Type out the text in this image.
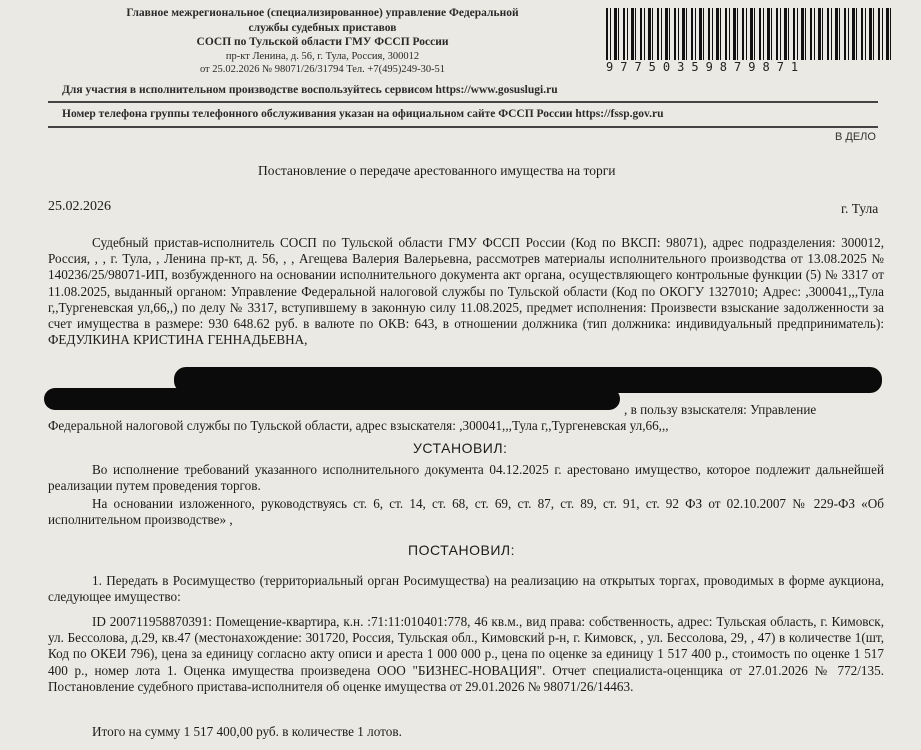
Главное межрегиональное (специализированное) управление Федеральной
службы судебных приставов
СОСП по Тульской области ГМУ ФССП России
пр-кт Ленина, д. 56, г. Тула, Россия, 300012
от 25.02.2026 № 98071/26/31794 Тел. +7(495)249-30-51	97750359879871
Для участия в исполнительном производстве воспользуйтесь сервисом https://www.gosuslugi.ru
Номер телефона группы телефонного обслуживания указан на официальном сайте ФССП России https://fssp.gov.ru
В ДЕЛО
Постановление о передаче арестованного имущества на торги
25.02.2026	г. Тула
Судебный пристав-исполнитель СОСП по Тульской области ГМУ ФССП России (Код по ВКСП: 98071), адрес подразделения: 300012, Россия, , , г. Тула, , Ленина пр-кт, д. 56, , , Агещева Валерия Валерьевна, рассмотрев материалы исполнительного производства от 13.08.2025 № 140236/25/98071-ИП, возбужденного на основании исполнительного документа акт органа, осуществляющего контрольные функции (5) № 3317 от 11.08.2025, выданный органом: Управление Федеральной налоговой службы по Тульской области (Код по ОКОГУ 1327010; Адрес: ,300041,,,Тула г,,Тургеневская ул,66,,) по делу № 3317, вступившему в законную силу 11.08.2025, предмет исполнения: Произвести взыскание задолженности за счет имущества в размере: 930 648.62 руб. в валюте по ОКВ: 643, в отношении должника (тип должника: индивидуальный предприниматель): ФЕДУЛКИНА КРИСТИНА ГЕННАДЬЕВНА,
, в пользу взыскателя: Управление
Федеральной налоговой службы по Тульской области, адрес взыскателя: ,300041,,,Тула г,,Тургеневская ул,66,,,
УСТАНОВИЛ:
Во исполнение требований указанного исполнительного документа 04.12.2025 г. арестовано имущество, которое подлежит дальнейшей реализации путем проведения торгов.
На основании изложенного, руководствуясь ст. 6, ст. 14, ст. 68, ст. 69, ст. 87, ст. 89, ст. 91, ст. 92 ФЗ от 02.10.2007 № 229-ФЗ «Об исполнительном производстве» ,
ПОСТАНОВИЛ:
1. Передать в Росимущество (территориальный орган Росимущества) на реализацию на открытых торгах, проводимых в форме аукциона, следующее имущество:
ID 20071195887039​1: Помещение-квартира, к.н. :71:11:010401:778, 46 кв.м., вид права: собственность, адрес: Тульская область, г. Кимовск, ул. Бессолова, д.29, кв.47 (местонахождение: 301720, Россия, Тульская обл., Кимовский р-н, г. Кимовск, , ул. Бессолова, 29, , 47) в количестве 1(шт, Код по ОКЕИ 796), цена за единицу согласно акту описи и ареста 1 000 000 р., цена по оценке за единицу 1 517 400 р., стоимость по оценке 1 517 400 р., номер лота 1. Оценка имущества произведена ООО "БИЗНЕС-НОВАЦИЯ". Отчет специалиста-оценщика от 27.01.2026 № 772/135. Постановление судебного пристава-исполнителя об оценке имущества от 29.01.2026 № 98071/26/14463.
Итого на сумму 1 517 400,00 руб. в количестве 1 лотов.
